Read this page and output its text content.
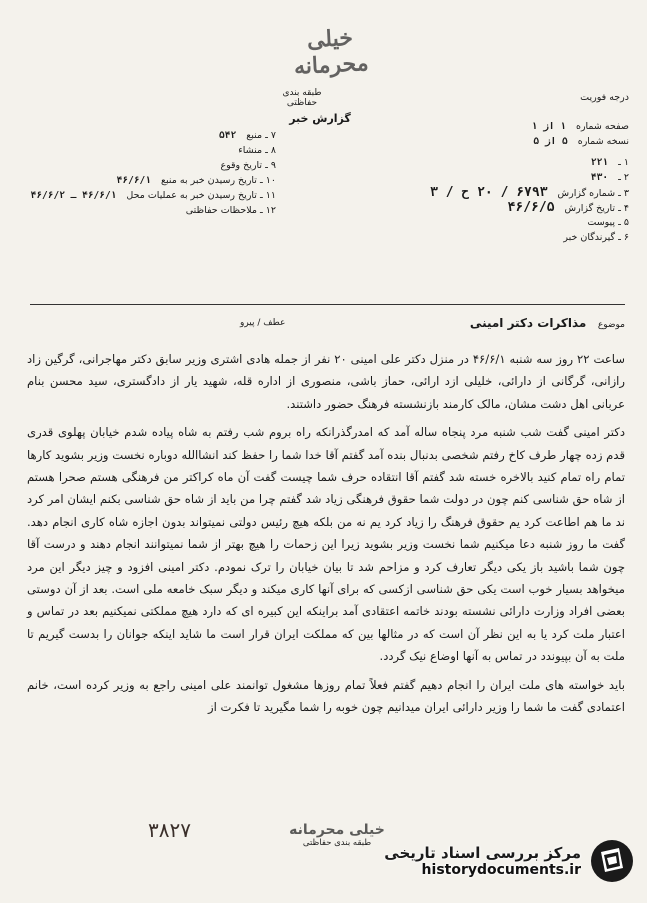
خیلی محرمانه
طبقه بندی حفاظتی
گزارش خبر
درجه فوریت
صفحه شماره۱ از ۱
نسخه شماره۵ از ۵
۱ ـ۲۲۱
۲ ـ۴۳۰
۳ ـ شماره گزارش۶۷۹۳ / ۲۰ ح / ۳
۴ ـ تاریخ گزارش۴۶/۶/۵
۵ ـ پیوست
۶ ـ گیرندگان خبر
۷ ـ منبع۵۴۲
۸ ـ منشاء
۹ ـ تاریخ وقوع
۱۰ ـ تاریخ رسیدن خبر به منبع۴۶/۶/۱
۱۱ ـ تاریخ رسیدن خبر به عملیات محل۴۶/۶/۱ ـ ۴۶/۶/۲
۱۲ ـ ملاحظات حفاظتی
موضوع مذاکرات دکتر امینی
عطف / پیرو

ساعت ۲۲ روز سه شنبه ۴۶/۶/۱ در منزل دکتر علی امینی ۲۰ نفر از جمله هادی اشتری وزیر سابق دکتر مهاجرانی، گرگین زاد رازانی، گرگانی از دارائی، خلیلی ازد ارائی، حماز باشی، منصوری از اداره قله، شهید یار از دادگستری، سید محسن بنام عربانی اهل دشت مشان، مالک کارمند بازنشسته فرهنگ حضور داشتند.

دکتر امینی گفت شب شنبه مرد پنجاه ساله آمد که امدرگذرانکه راه بروم شب رفتم به شاه پیاده شدم خیابان پهلوی قدری قدم زده چهار طرف کاخ رفتم شخصی بدنبال بنده آمد گفتم آقا خدا شما را حفظ کند انشاالله دوباره نخست وزیر بشوید کارها تمام راه تمام کنید بالاخره خسته شد گفتم آقا انتقاده حرف شما چیست گفت آن ماه کراکتر من فرهنگی هستم صحرا هستم از شاه حق شناسی کنم چون در دولت شما حقوق فرهنگی زیاد شد گفتم چرا من باید از شاه حق شناسی بکنم ایشان امر کرد ند ما هم اطاعت کرد یم حقوق فرهنگ را زیاد کرد یم نه من بلکه هیچ رئیس دولتی نمیتواند بدون اجازه شاه کاری انجام دهد. گفت ما روز شنبه دعا میکنیم شما نخست وزیر بشوید زیرا این زحمات را هیچ بهتر از شما نمیتوانند انجام دهند و درست آقا چون شما باشید باز یکی دیگر تعارف کرد و مزاحم شد تا بیان خیابان را ترک نمودم. دکتر امینی افزود و چیز دیگر این مرد میخواهد بسیار خوب است یکی حق شناسی ازکسی که برای آنها کاری میکند و دیگر سبک خامعه ملی است. بعد از آن دوستی بعضی افراد وزارت دارائی نشسته بودند خاتمه اعتقادی آمد براینکه این کبیره ای که دارد هیچ مملکتی نمیکنیم بعد در تماس و اعتبار ملت کرد یا به این نظر آن است که در مثالها بین که مملکت ایران قرار است ما شاید اینکه جوانان را بدست گیریم تا ملت به آن بپیوندد در تماس به آنها اوضاع نیک گردد.

باید خواسته های ملت ایران را انجام دهیم گفتم فعلاً تمام روزها مشغول توانمند علی امینی راجع به وزیر کرده است، خانم اعتمادی گفت ما شما را وزیر دارائی ایران میدانیم چون خوبه را شما مگیرید تا فکرت از

۳۸۲۷	خیلی محرمانه
طبقه بندی حفاظتی
مرکز بررسی اسناد تاریخی
historydocuments.ir
